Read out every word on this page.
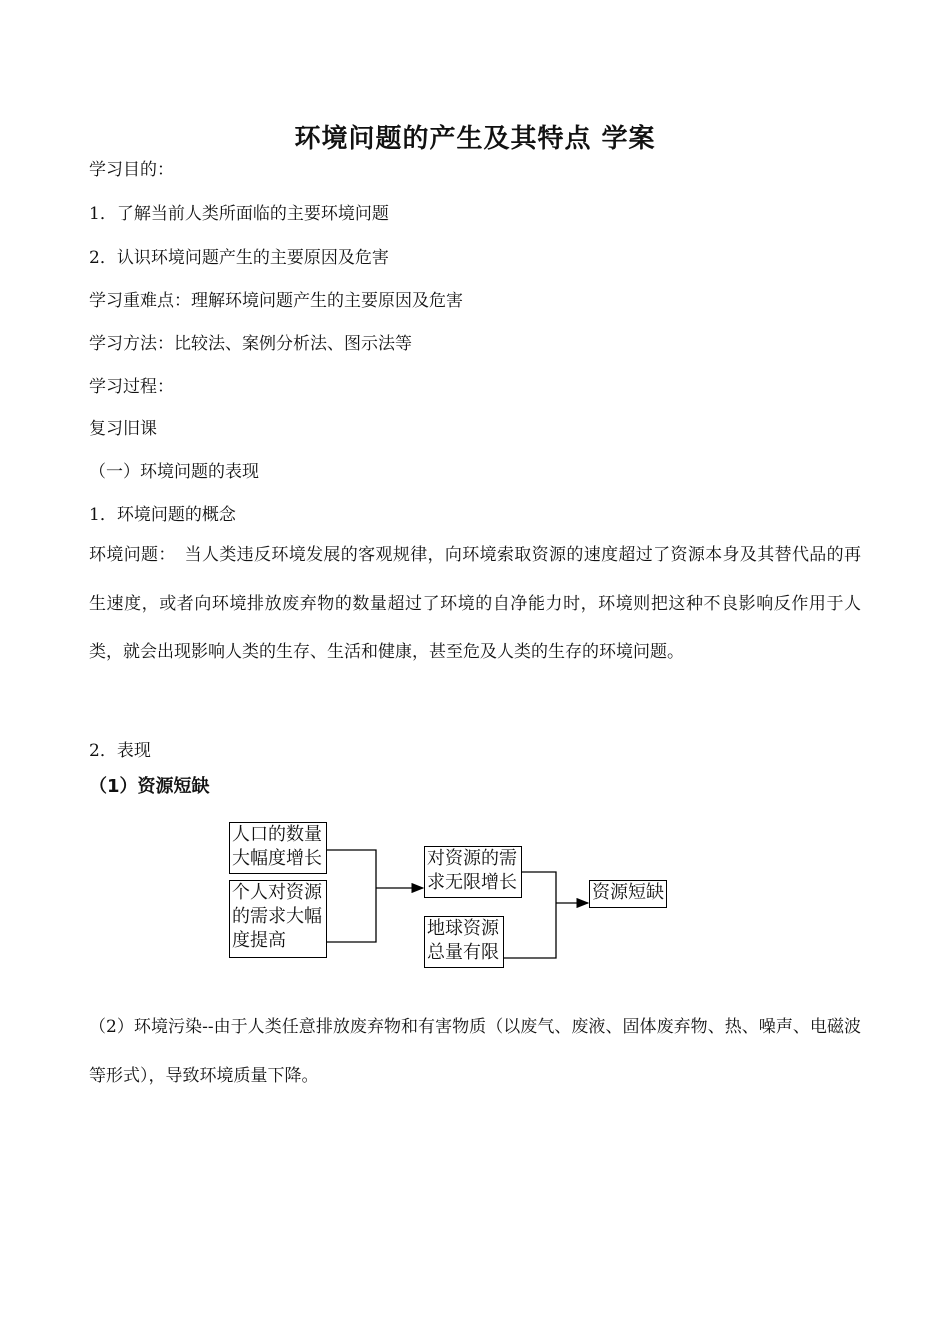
环境问题的产生及其特点 学案
学习目的：
1．了解当前人类所面临的主要环境问题
2．认识环境问题产生的主要原因及危害
学习重难点：理解环境问题产生的主要原因及危害
学习方法：比较法、案例分析法、图示法等
学习过程：
复习旧课
（一）环境问题的表现
1．环境问题的概念
环境问题：　当人类违反环境发展的客观规律，向环境索取资源的速度超过了资源本身及其替代品的再生速度，或者向环境排放废弃物的数量超过了环境的自净能力时，环境则把这种不良影响反作用于人类，就会出现影响人类的生存、生活和健康，甚至危及人类的生存的环境问题。
2．表现
（1）资源短缺
人口的数量
大幅度增长
个人对资源
的需求大幅
度提高
对资源的需
求无限增长
地球资源
总量有限
资源短缺
（2）环境污染--由于人类任意排放废弃物和有害物质（以废气、废液、固体废弃物、热、噪声、电磁波等形式），导致环境质量下降。
